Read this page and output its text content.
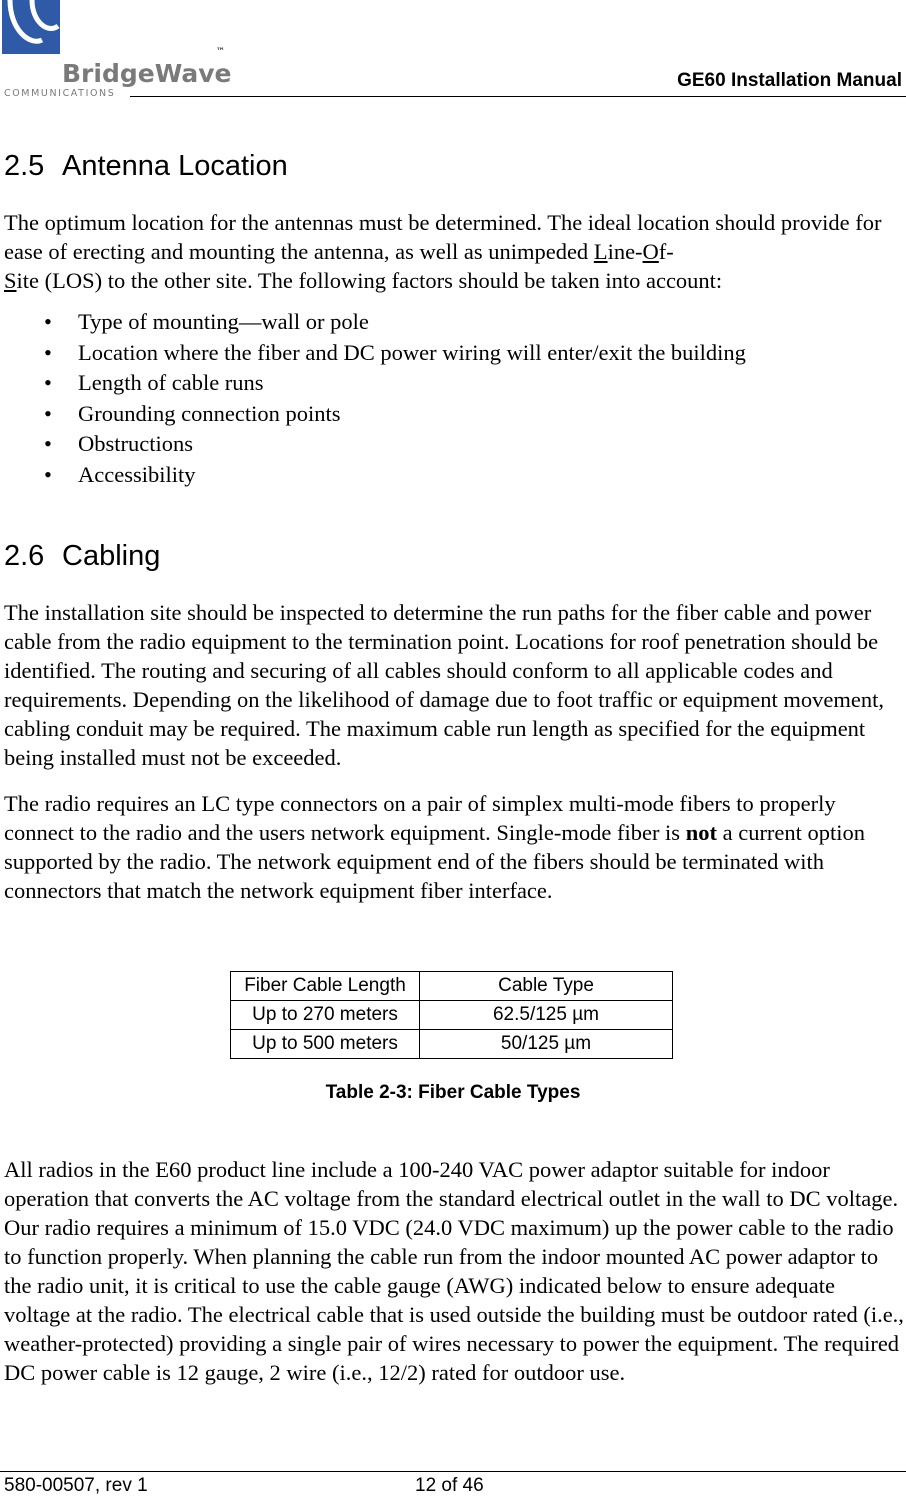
BridgeWave
™
COMMUNICATIONS
GE60 Installation Manual
2.5 Antenna Location

The optimum location for the antennas must be determined. The ideal location should provide for ease of erecting and mounting the antenna, as well as unimpeded Line-Of-
Site (LOS) to the other site. The following factors should be taken into account:

• Type of mounting—wall or pole
• Location where the fiber and DC power wiring will enter/exit the building
• Length of cable runs
• Grounding connection points
• Obstructions
• Accessibility
2.6 Cabling

The installation site should be inspected to determine the run paths for the fiber cable and power cable from the radio equipment to the termination point. Locations for roof penetration should be identified. The routing and securing of all cables should conform to all applicable codes and requirements. Depending on the likelihood of damage due to foot traffic or equipment movement, cabling conduit may be required. The maximum cable run length as specified for the equipment being installed must not be exceeded.

The radio requires an LC type connectors on a pair of simplex multi-mode fibers to properly connect to the radio and the users network equipment. Single-mode fiber is not a current option supported by the radio. The network equipment end of the fibers should be terminated with connectors that match the network equipment fiber interface.

Fiber Cable Length	Cable Type
Up to 270 meters	62.5/125 µm
Up to 500 meters	50/125 µm
Table 2-3: Fiber Cable Types

All radios in the E60 product line include a 100-240 VAC power adaptor suitable for indoor operation that converts the AC voltage from the standard electrical outlet in the wall to DC voltage. Our radio requires a minimum of 15.0 VDC (24.0 VDC maximum) up the power cable to the radio to function properly. When planning the cable run from the indoor mounted AC power adaptor to the radio unit, it is critical to use the cable gauge (AWG) indicated below to ensure adequate voltage at the radio. The electrical cable that is used outside the building must be outdoor rated (i.e., weather-protected) providing a single pair of wires necessary to power the equipment. The required DC power cable is 12 gauge, 2 wire (i.e., 12/2) rated for outdoor use.

580-00507, rev 1	12 of 46
